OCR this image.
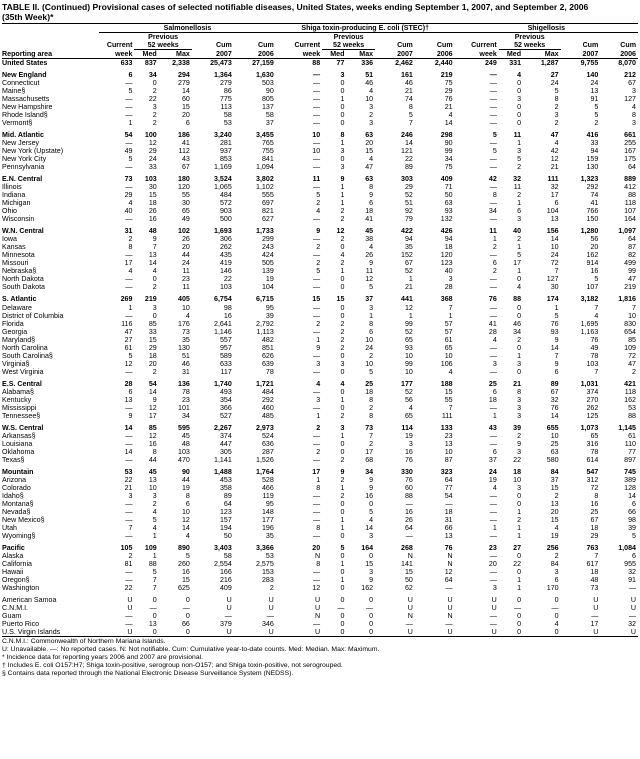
TABLE II. (Continued) Provisional cases of selected notifiable diseases, United States, weeks ending September 1, 2007, and September 2, 2006
(35th Week)*
	Salmonellosis					Shiga toxin-producing E. coli (STEC)†					Shigellosis				
		Previous					Previous					Previous			
	Current	52 weeks		Cum	Cum	Current	52 weeks		Cum	Cum	Current	52 weeks		Cum	Cum
Reporting area	week	Med	Max	2007	2006	week	Med	Max	2007	2006	week	Med	Max	2007	2006
United States	633	837	2,338	25,473	27,159	88	77	336	2,462	2,440	249	331	1,287	9,755	8,070

New England	6	34	294	1,364	1,630	—	3	51	161	219	—	4	27	140	212
Connecticut	—	0	279	279	503	—	0	46	46	75	—	0	24	24	67
Maine§	5	2	14	86	90	—	0	4	21	29	—	0	5	13	3
Massachusetts	—	22	60	775	805	—	1	10	74	76	—	3	8	91	127
New Hampshire	—	3	15	113	137	—	0	3	8	21	—	0	2	5	4
Rhode Island§	—	2	20	58	58	—	0	2	5	4	—	0	3	5	8
Vermont§	1	2	6	53	37	—	0	3	7	14	—	0	2	2	3

Mid. Atlantic	54	100	186	3,240	3,455	10	8	63	246	298	5	11	47	416	661
New Jersey	—	12	41	281	765	—	1	20	14	90	—	1	4	33	255
New York (Upstate)	49	29	112	937	755	10	3	15	121	99	5	3	42	94	167
New York City	5	24	43	853	841	—	0	4	22	34	—	5	12	159	175
Pennsylvania	—	33	67	1,169	1,094	—	3	47	89	75	—	2	21	130	64

E.N. Central	73	103	180	3,524	3,802	11	9	63	303	409	42	32	111	1,323	889
Illinois	—	30	120	1,065	1,102	—	1	8	29	71	—	11	32	292	412
Indiana	29	15	55	484	555	5	1	9	52	50	8	2	17	74	88
Michigan	4	18	30	572	697	2	1	6	51	63	—	1	6	41	118
Ohio	40	26	65	903	821	4	2	18	92	93	34	6	104	766	107
Wisconsin	—	16	49	500	627	—	2	41	79	132	—	3	13	150	164

W.N. Central	31	48	102	1,693	1,733	9	12	45	422	426	11	40	156	1,280	1,097
Iowa	2	9	26	306	299	—	2	38	94	94	1	2	14	56	64
Kansas	8	7	20	262	243	2	0	4	35	18	2	1	10	20	87
Minnesota	—	13	44	435	424	—	4	26	152	120	—	5	24	162	82
Missouri	17	14	24	419	505	2	2	9	67	123	6	17	72	914	499
Nebraska§	4	4	11	146	139	5	1	11	52	40	2	1	7	16	99
North Dakota	—	0	23	22	19	—	0	12	1	3	—	0	127	5	47
South Dakota	—	2	11	103	104	—	0	5	21	28	—	4	30	107	219

S. Atlantic	269	219	405	6,754	6,715	15	15	37	441	368	76	88	174	3,182	1,816
Delaware	1	3	10	98	95	—	0	3	12	7	—	0	1	7	7
District of Columbia	—	0	4	16	39	—	0	1	1	1	—	0	5	4	10
Florida	116	85	176	2,641	2,792	2	2	8	99	57	41	46	76	1,695	830
Georgia	47	33	73	1,146	1,113	—	2	6	52	57	28	34	93	1,163	654
Maryland§	27	15	35	557	482	1	2	10	65	61	4	2	9	76	85
North Carolina	61	29	130	957	851	9	2	24	93	65	—	0	14	49	109
South Carolina§	5	18	51	589	626	—	0	2	10	10	—	1	7	78	72
Virginia§	12	20	46	633	639	3	3	10	99	106	3	3	9	103	47
West Virginia	—	2	31	117	78	—	0	5	10	4	—	0	6	7	2

E.S. Central	28	54	136	1,740	1,721	4	4	25	177	188	25	21	89	1,031	421
Alabama§	6	14	78	493	484	—	0	18	52	15	6	8	67	374	118
Kentucky	13	9	23	354	292	3	1	8	56	55	18	3	32	270	162
Mississippi	—	12	101	366	460	—	0	2	4	7	—	3	76	262	53
Tennessee§	9	17	34	527	485	1	2	8	65	111	1	3	14	125	88

W.S. Central	14	85	595	2,267	2,973	2	3	73	114	133	43	39	655	1,073	1,145
Arkansas§	—	12	45	374	524	—	1	7	19	23	—	2	10	65	61
Louisiana	—	16	48	447	636	—	0	2	3	13	—	9	25	316	110
Oklahoma	14	8	103	305	287	2	0	17	16	10	6	3	63	78	77
Texas§	—	44	470	1,141	1,526	—	2	68	76	87	37	22	580	614	897

Mountain	53	45	90	1,488	1,764	17	9	34	330	323	24	18	84	547	745
Arizona	22	13	44	453	528	1	2	9	76	64	19	10	37	312	389
Colorado	21	10	19	358	466	8	1	9	60	77	4	3	15	72	128
Idaho§	3	3	8	89	119	—	2	16	88	54	—	0	2	8	14
Montana§	—	2	6	64	95	—	0	0	—	—	—	0	13	16	6
Nevada§	—	4	10	123	148	—	0	5	16	18	—	1	20	25	66
New Mexico§	—	5	12	157	177	—	1	4	26	31	—	2	15	67	98
Utah	7	4	14	194	196	8	1	14	64	66	1	1	4	18	39
Wyoming§	—	1	4	50	35	—	0	3	—	13	—	1	19	29	5

Pacific	105	109	890	3,403	3,366	20	5	164	268	76	23	27	256	763	1,084
Alaska	2	1	5	58	53	N	0	0	N	N	—	0	2	7	6
California	81	88	260	2,554	2,575	8	1	15	141	N	20	22	84	617	955
Hawaii	—	5	16	166	153	—	0	3	15	12	—	0	3	18	32
Oregon§	—	7	15	216	283	—	1	9	50	64	—	1	6	48	91
Washington	22	7	625	409	2	12	0	162	62	—	3	1	170	73	—

American Samoa	U	0	0	U	U	U	0	0	U	U	U	0	0	U	U
C.N.M.I.	U	—	—	U	U	U	—	—	U	U	U	—	—	U	U
Guam	—	0	0	—	—	N	0	0	N	N	—	0	0	—	—
Puerto Rico	—	13	66	379	346	—	0	0	—	—	—	0	4	17	32
U.S. Virgin Islands	U	0	0	U	U	U	0	0	U	U	U	0	0	U	U
C.N.M.I.: Commonwealth of Northern Mariana Islands.
U: Unavailable. —: No reported cases. N: Not notifiable. Cum: Cumulative year-to-date counts. Med: Median. Max: Maximum.
* Incidence data for reporting years 2006 and 2007 are provisional.
† Includes E. coli O157:H7; Shiga toxin-positive, serogroup non-O157; and Shiga toxin-positive, not serogrouped.
§ Contains data reported through the National Electronic Disease Surveillance System (NEDSS).
